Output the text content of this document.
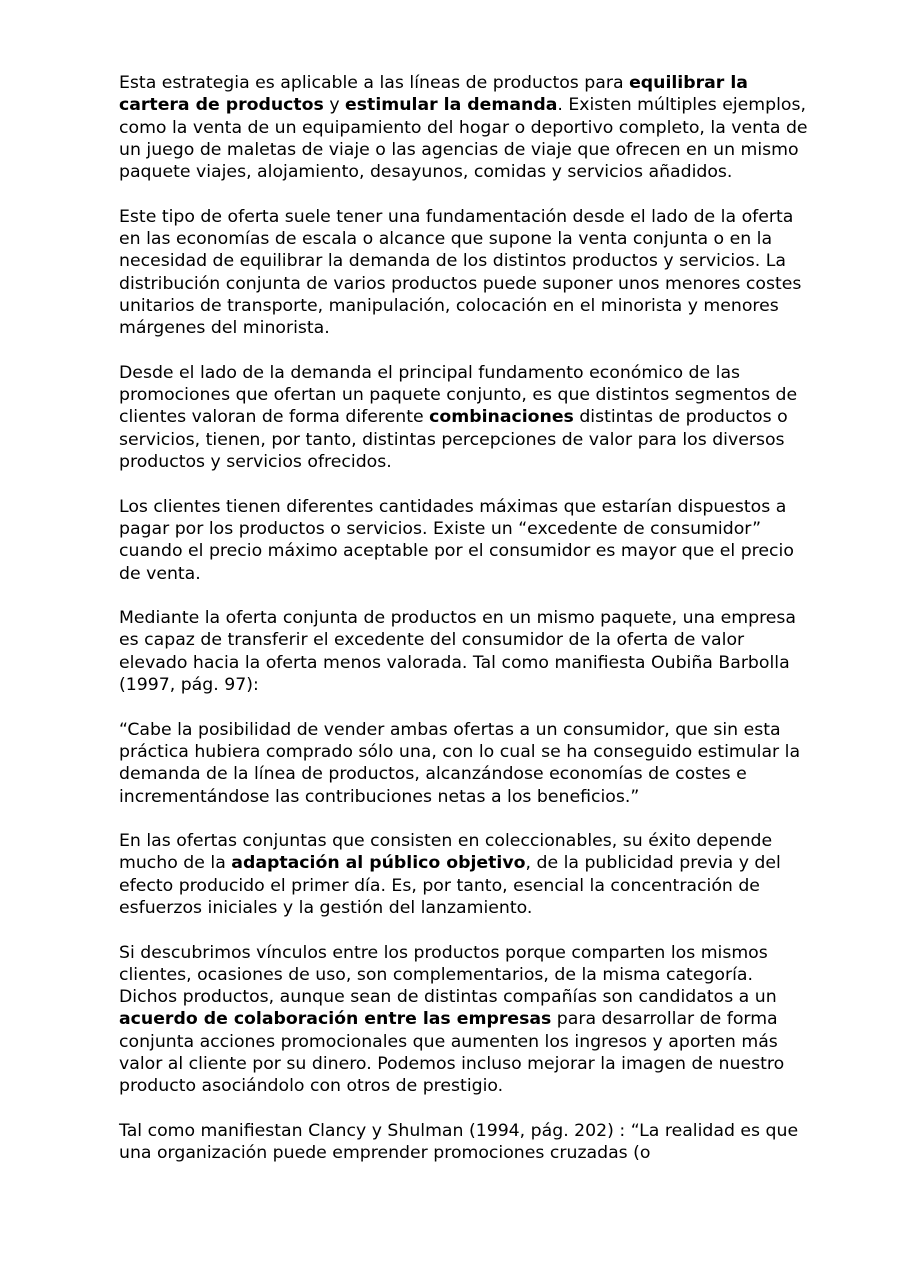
Esta estrategia es aplicable a las líneas de productos para equilibrar la cartera de productos y estimular la demanda. Existen múltiples ejemplos, como la venta de un equipamiento del hogar o deportivo completo, la venta de un juego de maletas de viaje o las agencias de viaje que ofrecen en un mismo paquete viajes, alojamiento, desayunos, comidas y servicios añadidos.

Este tipo de oferta suele tener una fundamentación desde el lado de la oferta en las economías de escala o alcance que supone la venta conjunta o en la necesidad de equilibrar la demanda de los distintos productos y servicios. La distribución conjunta de varios productos puede suponer unos menores costes unitarios de transporte, manipulación, colocación en el minorista y menores márgenes del minorista.

Desde el lado de la demanda el principal fundamento económico de las promociones que ofertan un paquete conjunto, es que distintos segmentos de clientes valoran de forma diferente combinaciones distintas de productos o servicios, tienen, por tanto, distintas percepciones de valor para los diversos productos y servicios ofrecidos.

Los clientes tienen diferentes cantidades máximas que estarían dispuestos a pagar por los productos o servicios. Existe un “excedente de consumidor” cuando el precio máximo aceptable por el consumidor es mayor que el precio de venta.

Mediante la oferta conjunta de productos en un mismo paquete, una empresa es capaz de transferir el excedente del consumidor de la oferta de valor elevado hacia la oferta menos valorada. Tal como manifiesta Oubiña Barbolla (1997, pág. 97):

“Cabe la posibilidad de vender ambas ofertas a un consumidor, que sin esta práctica hubiera comprado sólo una, con lo cual se ha conseguido estimular la demanda de la línea de productos, alcanzándose economías de costes e incrementándose las contribuciones netas a los beneficios.”

En las ofertas conjuntas que consisten en coleccionables, su éxito depende mucho de la adaptación al público objetivo, de la publicidad previa y del efecto producido el primer día. Es, por tanto, esencial la concentración de esfuerzos iniciales y la gestión del lanzamiento.

Si descubrimos vínculos entre los productos porque comparten los mismos clientes, ocasiones de uso, son complementarios, de la misma categoría. Dichos productos, aunque sean de distintas compañías son candidatos a un acuerdo de colaboración entre las empresas para desarrollar de forma conjunta acciones promocionales que aumenten los ingresos y aporten más valor al cliente por su dinero. Podemos incluso mejorar la imagen de nuestro producto asociándolo con otros de prestigio.

Tal como manifiestan Clancy y Shulman (1994, pág. 202) : “La realidad es que una organización puede emprender promociones cruzadas (o
